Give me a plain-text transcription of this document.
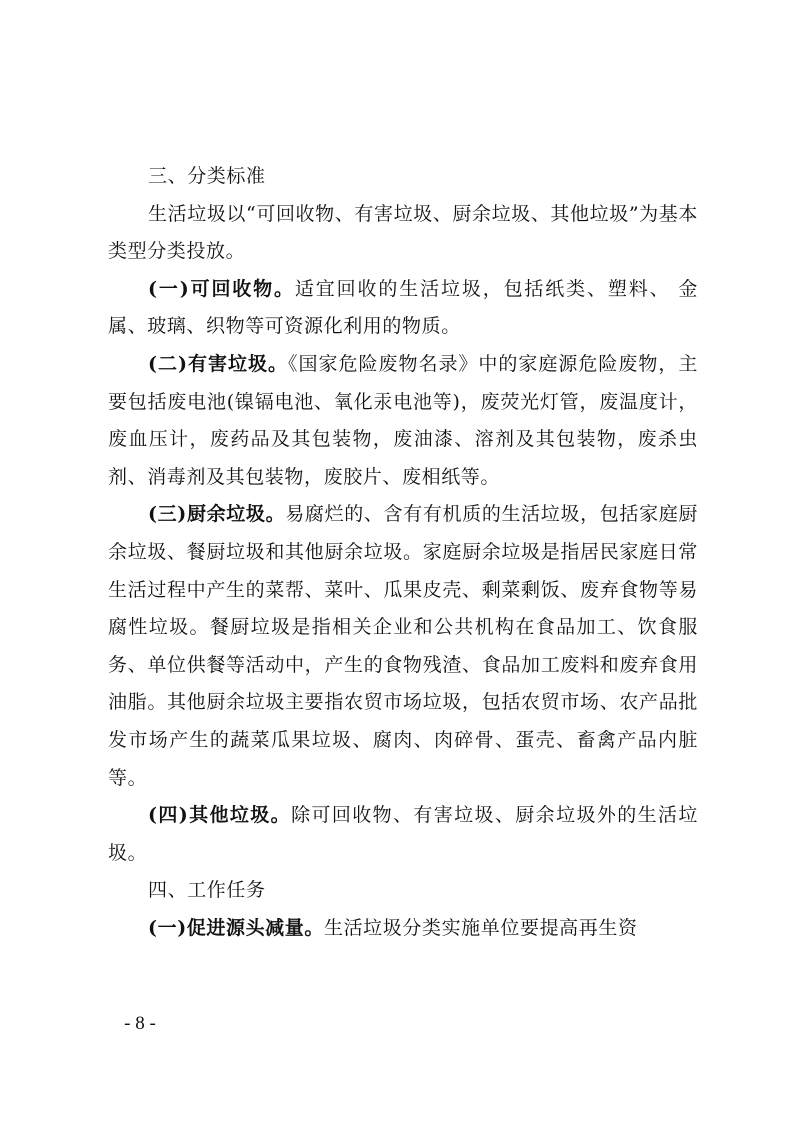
三、分类标准

生活垃圾以“可回收物、有害垃圾、厨余垃圾、其他垃圾”为基本类型分类投放。

(一)可回收物。适宜回收的生活垃圾，包括纸类、塑料、 金属、玻璃、织物等可资源化利用的物质。

(二)有害垃圾。《国家危险废物名录》中的家庭源危险废物，主要包括废电池(镍镉电池、氧化汞电池等)，废荧光灯管，废温度计，废血压计，废药品及其包装物，废油漆、溶剂及其包装物，废杀虫剂、消毒剂及其包装物，废胶片、废相纸等。

(三)厨余垃圾。易腐烂的、含有有机质的生活垃圾，包括家庭厨余垃圾、餐厨垃圾和其他厨余垃圾。家庭厨余垃圾是指居民家庭日常生活过程中产生的菜帮、菜叶、瓜果皮壳、剩菜剩饭、废弃食物等易腐性垃圾。餐厨垃圾是指相关企业和公共机构在食品加工、饮食服务、单位供餐等活动中，产生的食物残渣、食品加工废料和废弃食用油脂。其他厨余垃圾主要指农贸市场垃圾，包括农贸市场、农产品批发市场产生的蔬菜瓜果垃圾、腐肉、肉碎骨、蛋壳、畜禽产品内脏等。

(四)其他垃圾。除可回收物、有害垃圾、厨余垃圾外的生活垃圾。

四、工作任务

(一)促进源头减量。生活垃圾分类实施单位要提高再生资

- 8 -
